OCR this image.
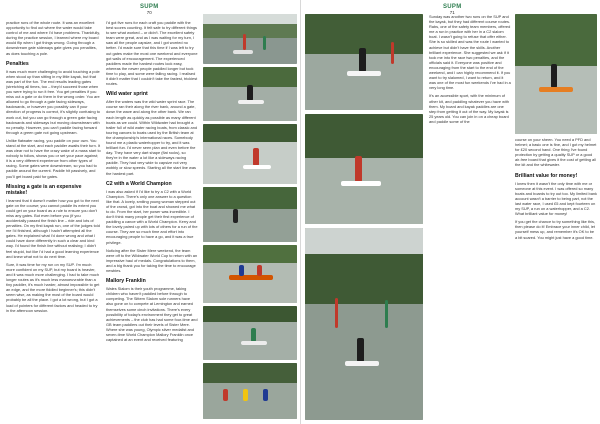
SUPM
70

practice runs of the whole route. It was an excellent opportunity to find out where the water would take control of me and where I'd have problems. Thankfully, during the practice session, I learned where my board would flip when I got things wrong. Going through a downstream gate sideways gate gives you penalties, as does touching a pole.

Penalties

It was much more challenging to avoid touching a pole when stood up than sitting in my little kayak, but that was part of the fun. The end results leading gates (stretching all times, too – they'd succeed those when you were trying to run it free. You get penalties if you miss out a gate or do them in the wrong order. You are allowed to go through a gate facing sideways, backwards, or however you possibly can if your direction of progress is correct, it's slightly confusing to work out, but you can go through a green gate facing backwards and sideways but moving downstream with no penalty. However, you can't paddle facing forward through a green gate not going upstream.

Unlike flatwater racing, you paddle on your own. You stand at the start, and each paddler awaits their turn. It was clear not to have the crazy wake of a mass start to nobody to follow, shows you or set your pace against; it is a very different experience from other types of racing. Some gates were downstream, so you had to paddle around the current. Paddle hit passively, and you'll get board paid for gates.

Missing a gate is an expensive mistake!

I learned that it doesn't matter how you got to the next gate on the course; you cannot paddle its extent you could get on your board as a rule to ensure you don't miss any gates. But even before you (if you accidentally passed the finish line – ride and lots of penalties. On my first kayak run, one of the judges told me I'd finished, although I hadn't attempted all the gates. He explained what I'd done wrong and what I could have done differently in such a clear and kind way. I'd found the finish line without realising; I didn't feel stupid, but like I'd had a good learning experience and knew what not to do next time.

Sure, it was time for my run on my SUP. I'm much more confident on my SUP, but my board is heavier, and it was much more challenging. I had to take much longer routes as it's much less manoeuvrable than a tiny paddler, it's much harder, almost impossible to get an edge, and the more fiddled beginner's; this didn't seem wise, as making the most of the board would probably be all the place. I got a lot wrong, but I got a load of pointers for different factors and headed to try in the afternoon session.

I'd got five runs for each craft you paddle with the best scores counting. It felt safe to try different things to see what worked – or didn't. The excellent safety team were great, and as I was waiting for my turn, I saw all the people capsize, and I got worried no better. I'd made sure that this time if I was left to try out gates make the most one weekend and everyone got walls of encouragement. The experienced paddlers made the hardest routes look easy, whereas the newer people paddled longer but took time to play, and some were falling racing. I realised it didn't matter that I couldn't take the fastest, trickiest routes.

Wild water sprint

After the waters was the wild water sprint race. The course ran their along the river bank, around a gate, down the wave and along the other bank. We ran each length as quickly as possible as many different boats as we could. Within Wildwater had brought a trailer full of wild water racing boats, from classic and touring canoes to boats used by the British team at the championship's international races. Somebody found me a plastic waterhopper to try, and it was brilliant fun. I'd never seen plan and even before the day. They have very dart shape (flat rocks), so they're in the water a lot like a sideways racing paddle. They had very wide to capsize not very wobbly or slow speeds. Starting all the start line was the hardest part.

C2 with a World Champion

I was also asked if I'd like to try a C2 with a World Champion. There's only one answer to a question like that. A lovely, smiling young woman stepped out of the crowd, got into the boat and showed me what to do. From the start, her power was incredible. I don't think many people get their first experience of paddling a canoe with a World Champion. Kerry and the lovely paired up with lots of others for a run of the course. They are so much time and effort into encouraging people to have a go, and it was a true privilege.

Noticing after the Sister Mere weekend, the team were off to the Wildwater World Cup to return with an impressive haul of medals. Congratulations to them, and a big thank you for taking the time to encourage newbies.

Mallory Franklin

Wales Slalom is their youth programme, taking children who haven't paddled before through to competing. The Sittern Slalom sole runners have also gone on to compete at Lemington and earned themselves some cinch invitations. There's every possibility of today's environment they get to great achievements – the club has had some four-time and GB team paddlers out their levels of Sister Mere. Where she was young, Olympic silver medalist and seven-time World Champion Mallory Franklin once captained at an event and received featuring

SUPM
71

Sunday was another two runs on the SUP and the kayak, but they had different course routes. Rabs, one of the safety team members, offered me a run in practice with her in a C2 slalom boat. I wasn't going to refuse that offer either. She is so skilled and was the route I wanted to achieve but didn't have the skills. Another brilliant experience. She suggested we ask if it took me into the race two penalties, and the officials said it. Everyone was positive and encouraging from the start to the end of the weekend, and I can highly recommend it. If you want to try slalomed, I want to return, and it was one of the most fun weekends I've had in a very long time.

It's an accessible sport, with the minimum of other kit, and paddling whatever you have with them. My board and kayak paddles are one step from getting it out of the way. My kayak is 25 years old. You can join in on a cheap board and paddle some of the

course on your sheen. You need a PFD and helmet; a basic one is fine, and I got my helmet for £20 second hand. One thing I've found protection by getting a quality SUP or a good air-free board that gives it the cost of getting all the kit and the whitewater.

Brilliant value for money!

I knew then it wasn't the only time with me or someone at this event. I was offered so many boats and boards to try out too. My limited bank account wasn't a barrier to being part, not the last water race, I used £5 and kept fourteen on my SUP, a run on a waterhopper, and a C2. What brilliant value for money!

If you get the chance to try something like this, then please do it! Embrace your inner child, let yourself mess up, and remember it's OK to be a bit scared. You might just have a good time.
